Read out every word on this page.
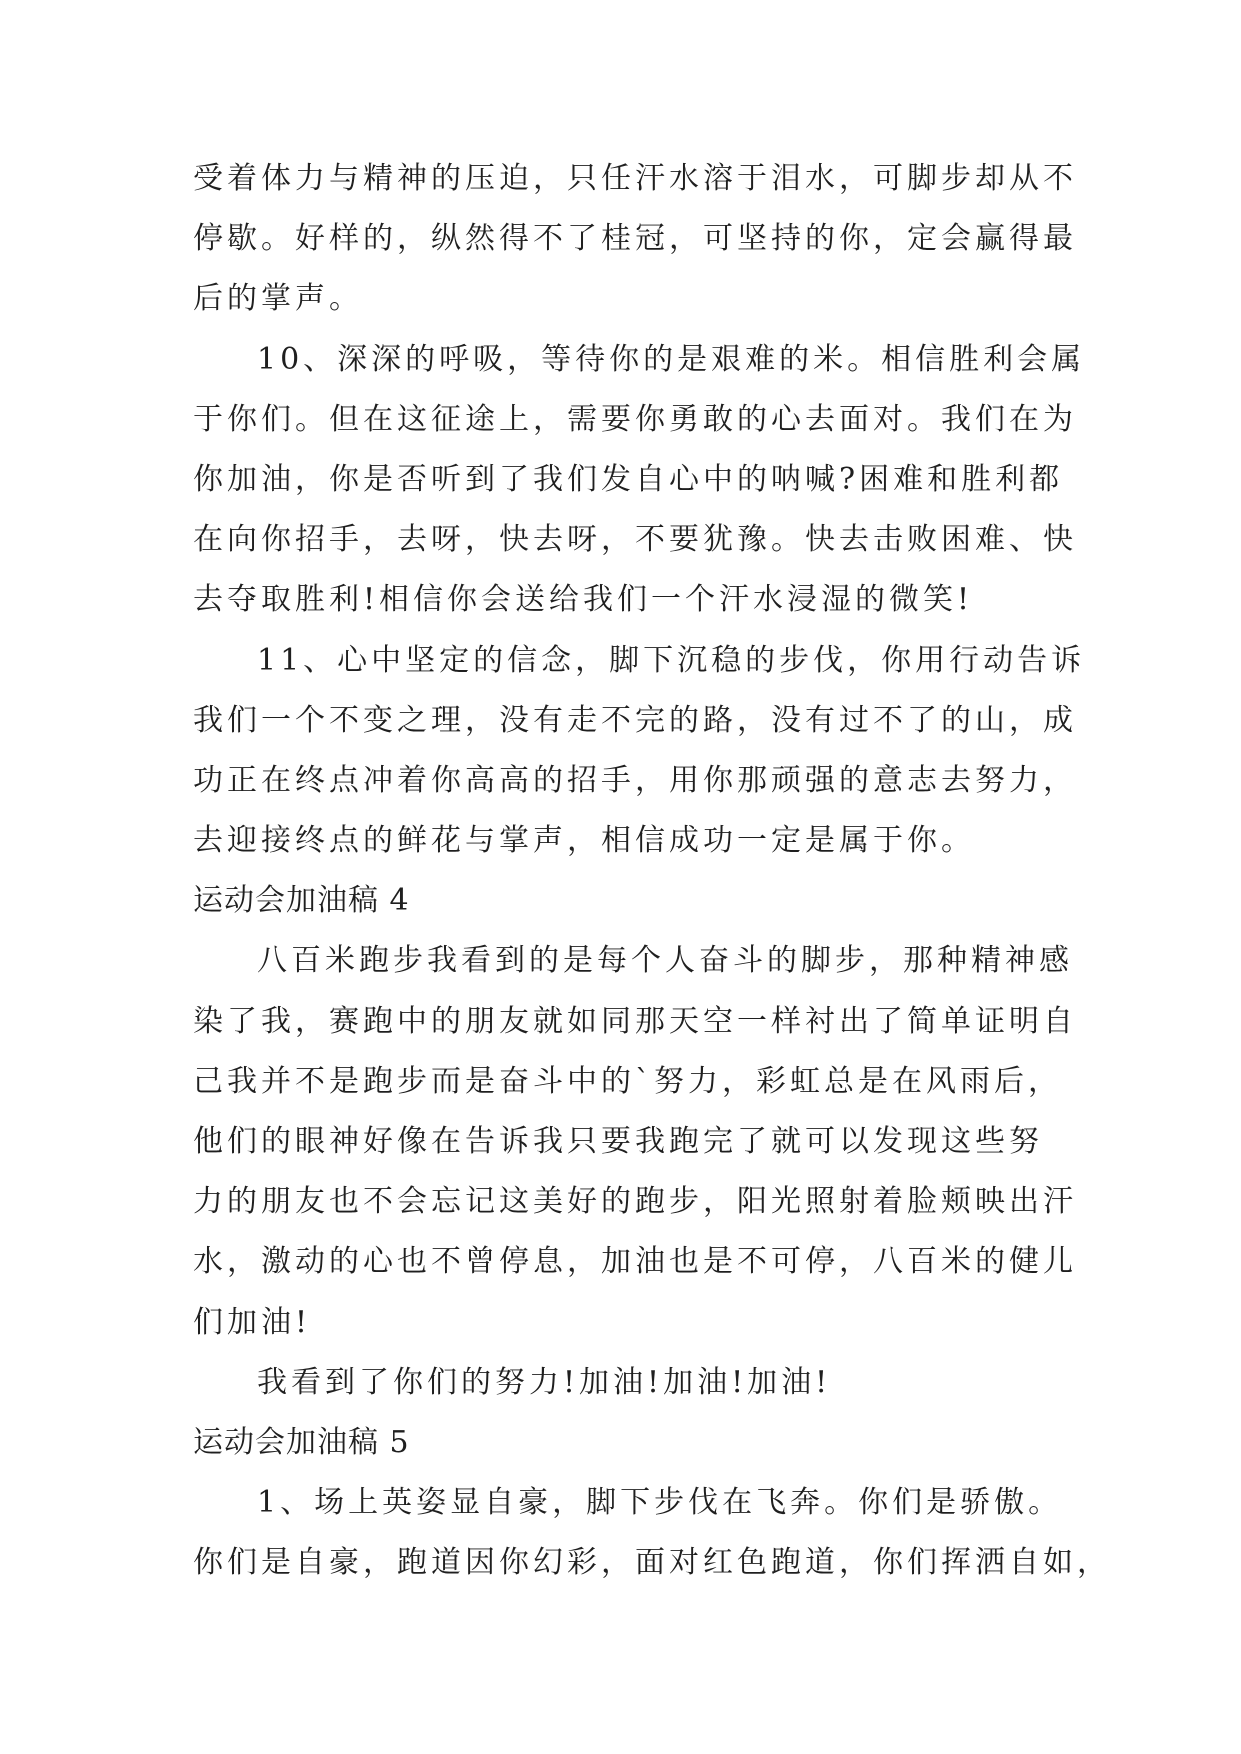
受着体力与精神的压迫，只任汗水溶于泪水，可脚步却从不
停歇。好样的，纵然得不了桂冠，可坚持的你，定会赢得最
后的掌声。
10、深深的呼吸，等待你的是艰难的米。相信胜利会属
于你们。但在这征途上，需要你勇敢的心去面对。我们在为
你加油，你是否听到了我们发自心中的呐喊?困难和胜利都
在向你招手，去呀，快去呀，不要犹豫。快去击败困难、快
去夺取胜利!相信你会送给我们一个汗水浸湿的微笑!
11、心中坚定的信念，脚下沉稳的步伐，你用行动告诉
我们一个不变之理，没有走不完的路，没有过不了的山，成
功正在终点冲着你高高的招手，用你那顽强的意志去努力，
去迎接终点的鲜花与掌声，相信成功一定是属于你。
运动会加油稿 4
八百米跑步我看到的是每个人奋斗的脚步，那种精神感
染了我，赛跑中的朋友就如同那天空一样衬出了简单证明自
己我并不是跑步而是奋斗中的`努力，彩虹总是在风雨后，
他们的眼神好像在告诉我只要我跑完了就可以发现这些努
力的朋友也不会忘记这美好的跑步，阳光照射着脸颊映出汗
水，激动的心也不曾停息，加油也是不可停，八百米的健儿
们加油!
我看到了你们的努力!加油!加油!加油!
运动会加油稿 5
1、场上英姿显自豪，脚下步伐在飞奔。你们是骄傲。
你们是自豪，跑道因你幻彩，面对红色跑道，你们挥洒自如，
